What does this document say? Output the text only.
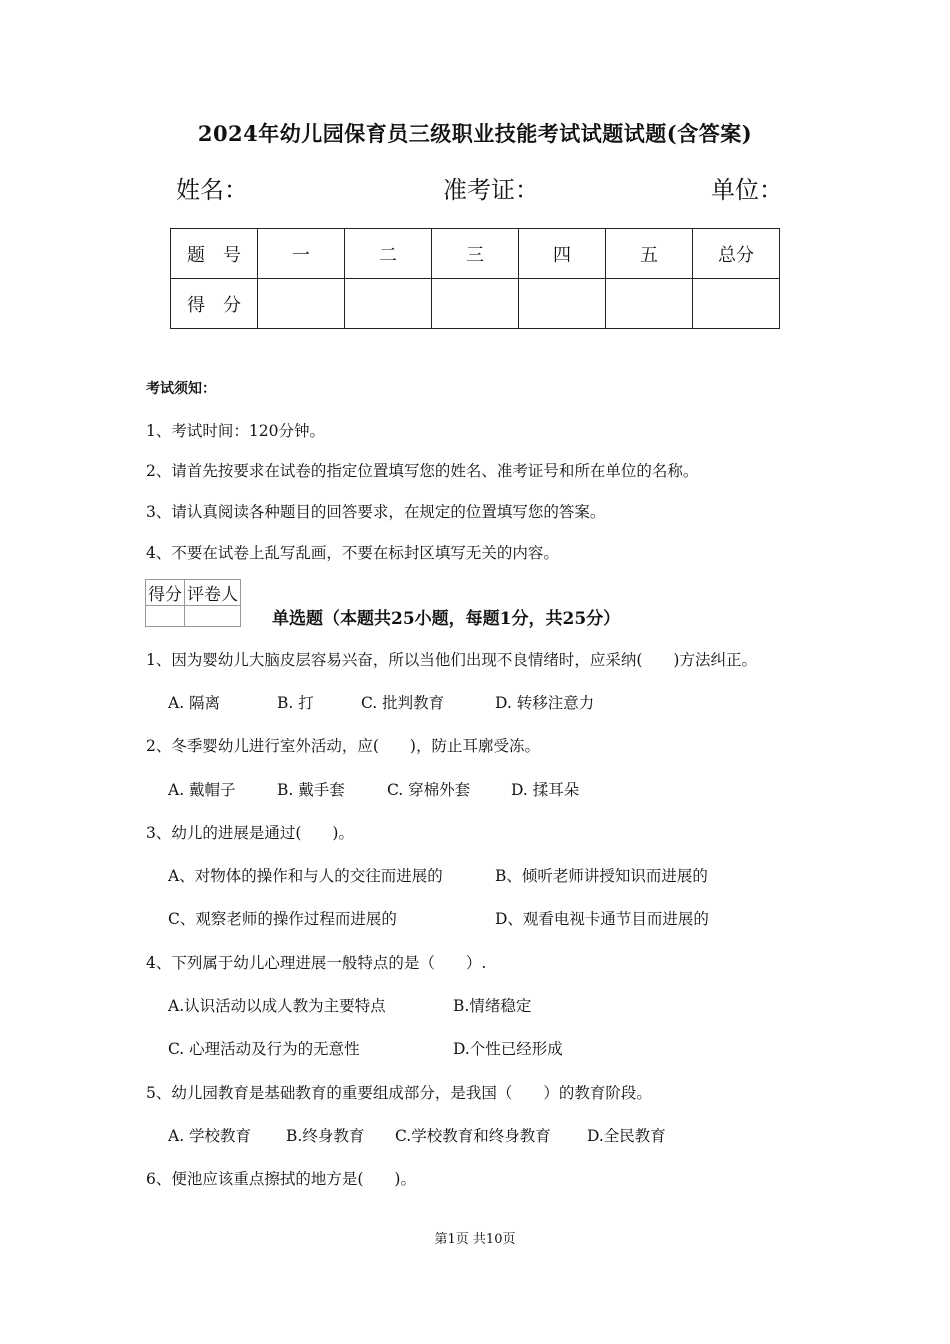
2024年幼儿园保育员三级职业技能考试试题试题(含答案)
姓名：	准考证：	单位：
题　号	一	二	三	四	五	总分
得　分						
考试须知：
1、考试时间：120分钟。
2、请首先按要求在试卷的指定位置填写您的姓名、准考证号和所在单位的名称。
3、请认真阅读各种题目的回答要求，在规定的位置填写您的答案。
4、不要在试卷上乱写乱画，不要在标封区填写无关的内容。
得分	评卷人

单选题（本题共25小题，每题1分，共25分）
1、因为婴幼儿大脑皮层容易兴奋，所以当他们出现不良情绪时，应采纳(　　)方法纠正。
A. 隔离	B. 打	C. 批判教育	D. 转移注意力
2、冬季婴幼儿进行室外活动，应(　　)，防止耳廓受冻。
A. 戴帽子	B. 戴手套	C. 穿棉外套	D. 揉耳朵
3、幼儿的进展是通过(　　)。
A、对物体的操作和与人的交往而进展的	B、倾听老师讲授知识而进展的
C、观察老师的操作过程而进展的	D、观看电视卡通节目而进展的
4、下列属于幼儿心理进展一般特点的是（　　）.
A.认识活动以成人教为主要特点	B.情绪稳定
C. 心理活动及行为的无意性	D.个性已经形成
5、幼儿园教育是基础教育的重要组成部分，是我国（　　）的教育阶段。
A. 学校教育 B.终身教育 C.学校教育和终身教育 D.全民教育
6、便池应该重点擦拭的地方是(　　)。
第1页 共10页
